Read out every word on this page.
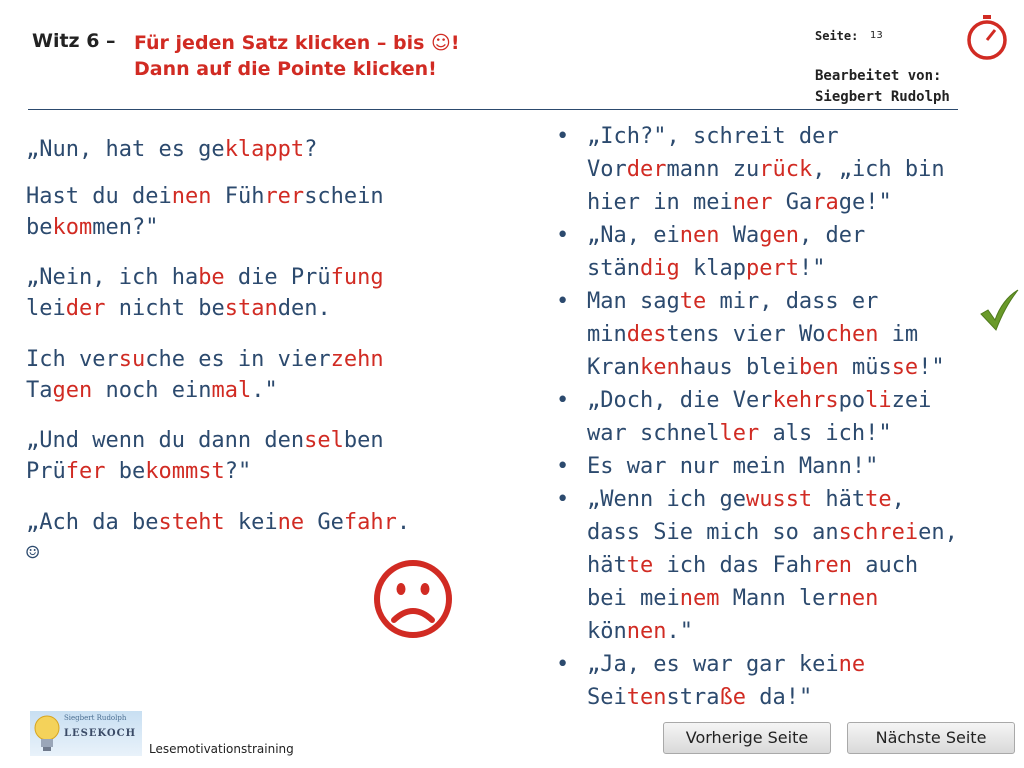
Witz 6 – Für jeden Satz klicken – bis ☺!
Dann auf die Pointe klicken!
Seite: 13
Bearbeitet von:
Siegbert Rudolph
„Nun, hat es geklappt?
Hast du deinen Führerschein
bekommen?"
„Nein, ich habe die Prüfung
leider nicht bestanden.
Ich versuche es in vierzehn
Tagen noch einmal."
„Und wenn du dann denselben
Prüfer bekommst?"
„Ach da besteht keine Gefahr.
☺
• „Ich?", schreit der
Vordermann zurück, „ich bin
hier in meiner Garage!"
• „Na, einen Wagen, der
ständig klappert!"
• Man sagte mir, dass er
mindestens vier Wochen im
Krankenhaus bleiben müsse!"
• „Doch, die Verkehrspolizei
war schneller als ich!"
• Es war nur mein Mann!"
• „Wenn ich gewusst hätte,
dass Sie mich so anschreien,
hätte ich das Fahren auch
bei meinem Mann lernen
können."
• „Ja, es war gar keine
Seitenstraße da!"
Siegbert Rudolph
LESEKOCH
Lesemotivationstraining
Vorherige Seite	Nächste Seite
